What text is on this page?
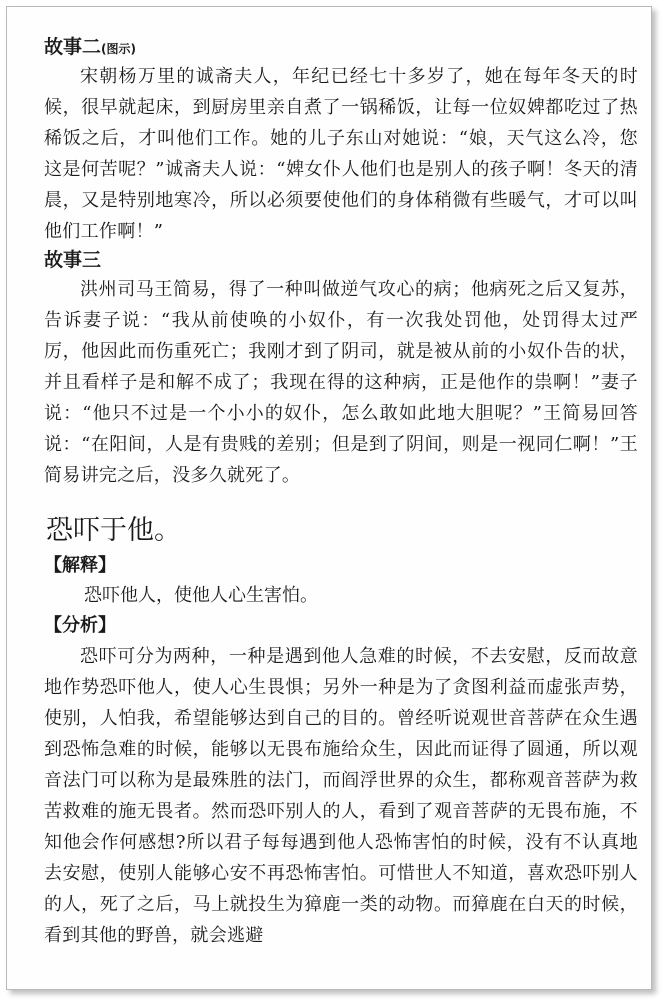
故事二(图示)

宋朝杨万里的诚斋夫人，年纪已经七十多岁了，她在每年冬天的时候，很早就起床，到厨房里亲自煮了一锅稀饭，让每一位奴婢都吃过了热稀饭之后，才叫他们工作。她的儿子东山对她说：“娘，天气这么冷，您这是何苦呢？”诚斋夫人说：“婢女仆人他们也是别人的孩子啊！冬天的清晨，又是特别地寒冷，所以必须要使他们的身体稍微有些暖气，才可以叫他们工作啊！”

故事三

洪州司马王简易，得了一种叫做逆气攻心的病；他病死之后又复苏，告诉妻子说：“我从前使唤的小奴仆，有一次我处罚他，处罚得太过严厉，他因此而伤重死亡；我刚才到了阴司，就是被从前的小奴仆告的状，并且看样子是和解不成了；我现在得的这种病，正是他作的祟啊！”妻子说：“他只不过是一个小小的奴仆，怎么敢如此地大胆呢？”王简易回答说：“在阳间，人是有贵贱的差别；但是到了阴间，则是一视同仁啊！”王简易讲完之后，没多久就死了。

恐吓于他。
【解释】
恐吓他人，使他人心生害怕。
【分析】

恐吓可分为两种，一种是遇到他人急难的时候，不去安慰，反而故意地作势恐吓他人，使人心生畏惧；另外一种是为了贪图利益而虚张声势，使别，人怕我，希望能够达到自己的目的。曾经听说观世音菩萨在众生遇到恐怖急难的时候，能够以无畏布施给众生，因此而证得了圆通，所以观音法门可以称为是最殊胜的法门，而阎浮世界的众生，都称观音菩萨为救苦救难的施无畏者。然而恐吓别人的人，看到了观音菩萨的无畏布施，不知他会作何感想?所以君子每每遇到他人恐怖害怕的时候，没有不认真地去安慰，使别人能够心安不再恐怖害怕。可惜世人不知道，喜欢恐吓别人的人，死了之后，马上就投生为獐鹿一类的动物。而獐鹿在白天的时候，看到其他的野兽，就会逃避
